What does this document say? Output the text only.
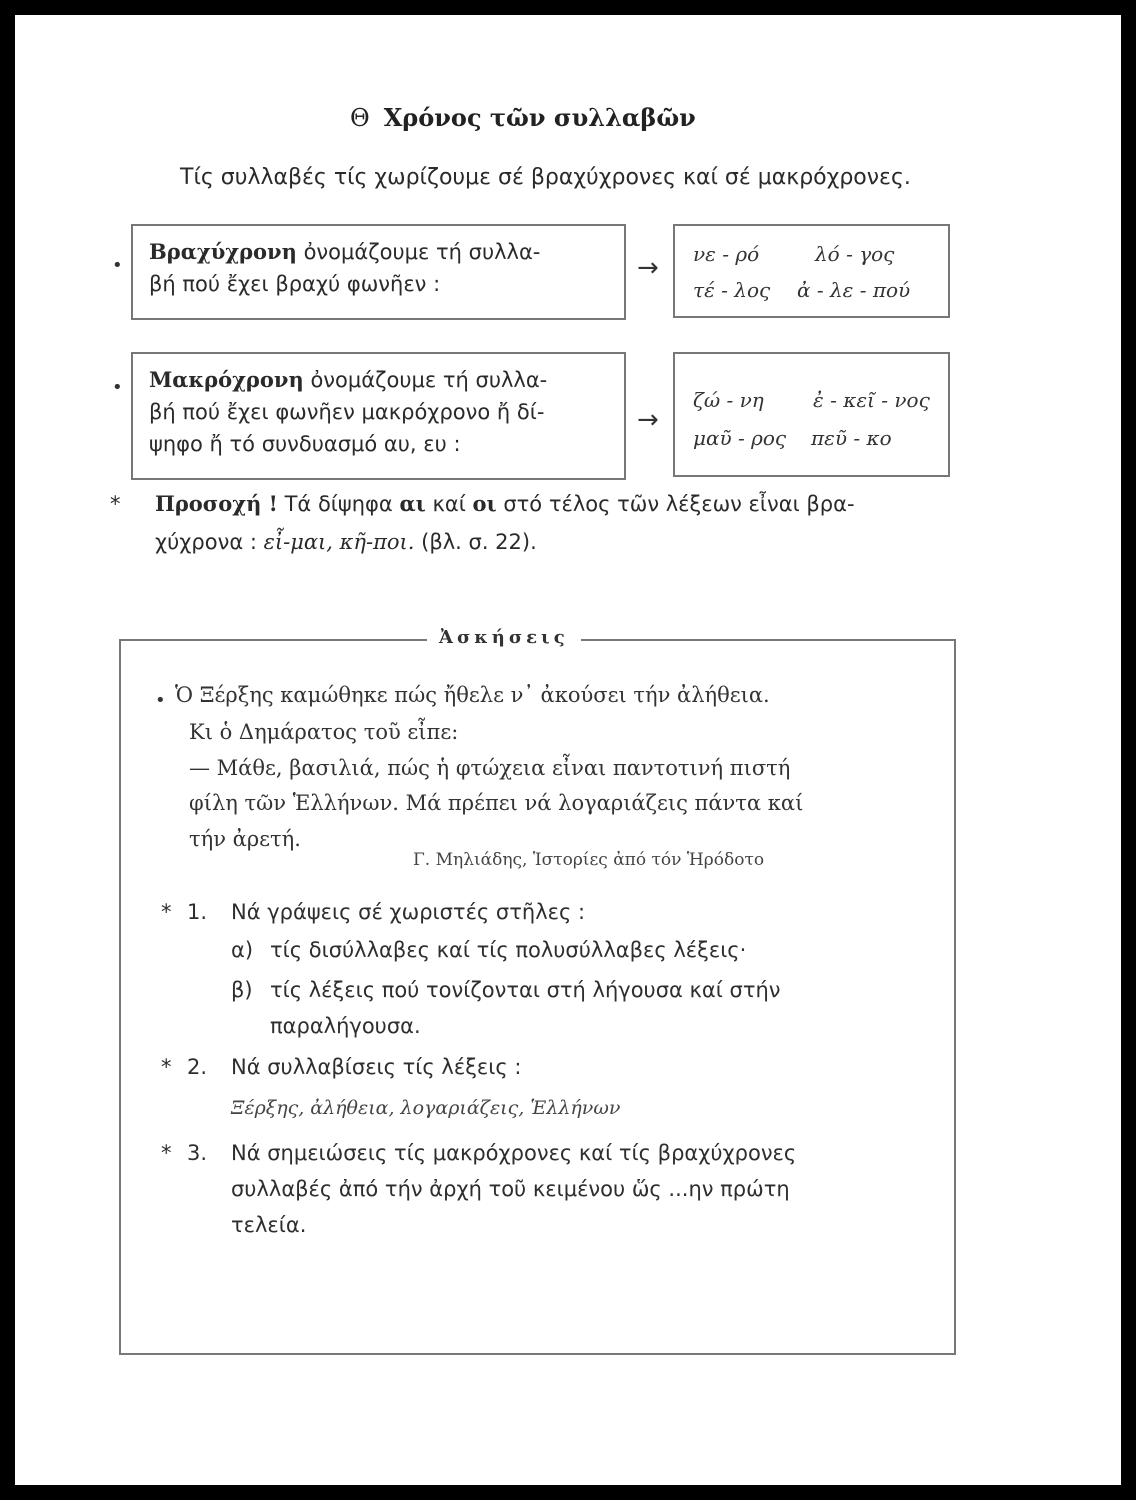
Θ Χρόνος τῶν συλλαβῶν
Τίς συλλαβές τίς χωρίζουμε σέ βραχύχρονες καί σέ μακρόχρονες.
•
Βραχύχρονη ὀνομάζουμε τή συλλα-
βή πού ἔχει βραχύ φωνῆεν :
→ νε - ρό	λό - γος
τέ - λος ἀ - λε - πού
• Μακρόχρονη ὀνομάζουμε τή συλλα-
βή πού ἔχει φωνῆεν μακρόχρονο ἤ δί-
ψηφο ἤ τό συνδυασμό αυ, ευ :
→
ζώ - νη ἐ - κεῖ - νος
μαῦ - ρος πεῦ - κο
* Προσοχή ! Τά δίψηφα αι καί οι στό τέλος τῶν λέξεων εἶναι βρα-
χύχρονα : εἶ-μαι, κῆ-ποι. (βλ. σ. 22).
Ἀσκήσεις
• Ὁ Ξέρξης καμώθηκε πώς ἤθελε ν᾿ ἀκούσει τήν ἀλήθεια.
Κι ὁ Δημάρατος τοῦ εἶπε:
— Μάθε, βασιλιά, πώς ἡ φτώχεια εἶναι παντοτινή πιστή
φίλη τῶν Ἑλλήνων. Μά πρέπει νά λογαριάζεις πάντα καί
τήν ἀρετή.
Γ. Μηλιάδης, Ἱστορίες ἀπό τόν Ἡρόδοτο
* 1. Νά γράψεις σέ χωριστές στῆλες :
α) τίς δισύλλαβες καί τίς πολυσύλλαβες λέξεις·
β) τίς λέξεις πού τονίζονται στή λήγουσα καί στήν
παραλήγουσα.
* 2. Νά συλλαβίσεις τίς λέξεις :
Ξέρξης, ἀλήθεια, λογαριάζεις, Ἑλλήνων
* 3. Νά σημειώσεις τίς μακρόχρονες καί τίς βραχύχρονες
συλλαβές ἀπό τήν ἀρχή τοῦ κειμένου ὥς ...ην πρώτη
τελεία.
